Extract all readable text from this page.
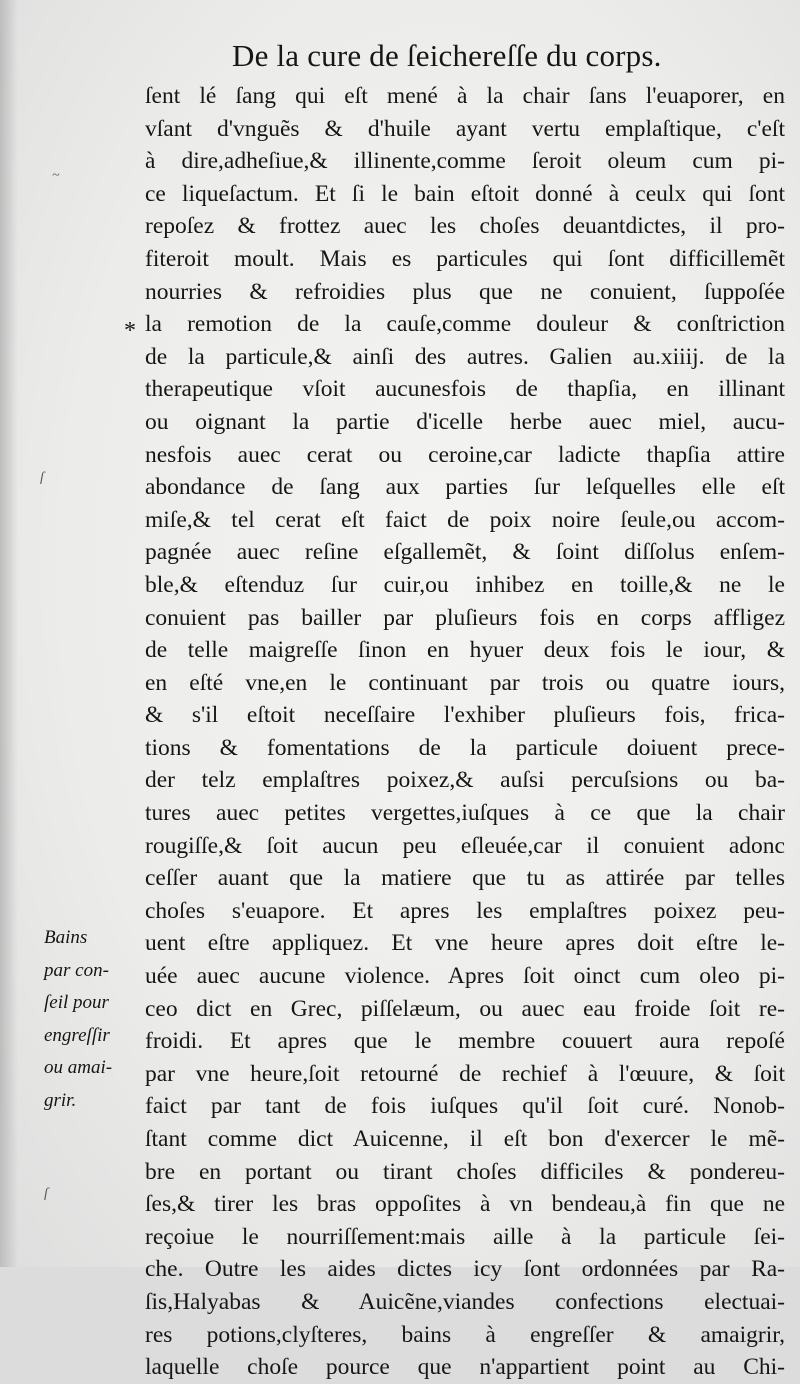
De la cure de ſeichereſſe du corps.
*
ſent lé ſang qui eſt mené à la chair ſans l'euaporer, en
vſant d'vnguẽs & d'huile ayant vertu emplaſtique, c'eſt
à dire,adheſiue,& illinente,comme ſeroit oleum cum pi-
ce liqueſactum. Et ſi le bain eſtoit donné à ceulx qui ſont
repoſez & frottez auec les choſes deuantdictes, il pro-
fiteroit moult. Mais es particules qui ſont difficillemẽt
nourries & refroidies plus que ne conuient, ſuppoſée
la remotion de la cauſe,comme douleur & conſtriction
de la particule,& ainſi des autres. Galien au.xiiij. de la
therapeutique vſoit aucunesfois de thapſia, en illinant
ou oignant la partie d'icelle herbe auec miel, aucu-
nesfois auec cerat ou ceroine,car ladicte thapſia attire
abondance de ſang aux parties ſur leſquelles elle eſt
miſe,& tel cerat eſt faict de poix noire ſeule,ou accom-
pagnée auec reſine eſgallemẽt, & ſoint diſſolus enſem-
ble,& eſtenduz ſur cuir,ou inhibez en toille,& ne le
conuient pas bailler par pluſieurs fois en corps affligez
de telle maigreſſe ſinon en hyuer deux fois le iour, &
en eſté vne,en le continuant par trois ou quatre iours,
& s'il eſtoit neceſſaire l'exhiber pluſieurs fois, frica-
tions & fomentations de la particule doiuent prece-
der telz emplaſtres poixez,& auſsi percuſsions ou ba-
tures auec petites vergettes,iuſques à ce que la chair
rougiſſe,& ſoit aucun peu eſleuée,car il conuient adonc
ceſſer auant que la matiere que tu as attirée par telles
choſes s'euapore. Et apres les emplaſtres poixez peu-
uent eſtre appliquez. Et vne heure apres doit eſtre le-
uée auec aucune violence. Apres ſoit oinct cum oleo pi-
ceo dict en Grec, piſſelæum, ou auec eau froide ſoit re-
froidi. Et apres que le membre couuert aura repoſé
par vne heure,ſoit retourné de rechief à l'œuure, & ſoit
faict par tant de fois iuſques qu'il ſoit curé. Nonob-
ſtant comme dict Auicenne, il eſt bon d'exercer le mẽ-
bre en portant ou tirant choſes difficiles & pondereu-
ſes,& tirer les bras oppoſites à vn bendeau,à fin que ne
reçoiue le nourriſſement:mais aille à la particule ſei-
che. Outre les aides dictes icy ſont ordonnées par Ra-
ſis,Halyabas & Auicẽne,viandes confections electuai-
res potions,clyſteres, bains à engreſſer & amaigrir,
laquelle choſe pource que n'appartient point au Chi-
Bains
par con-
ſeil pour
engreſſir
ou amai-
grir.
~
ſ
ſ
